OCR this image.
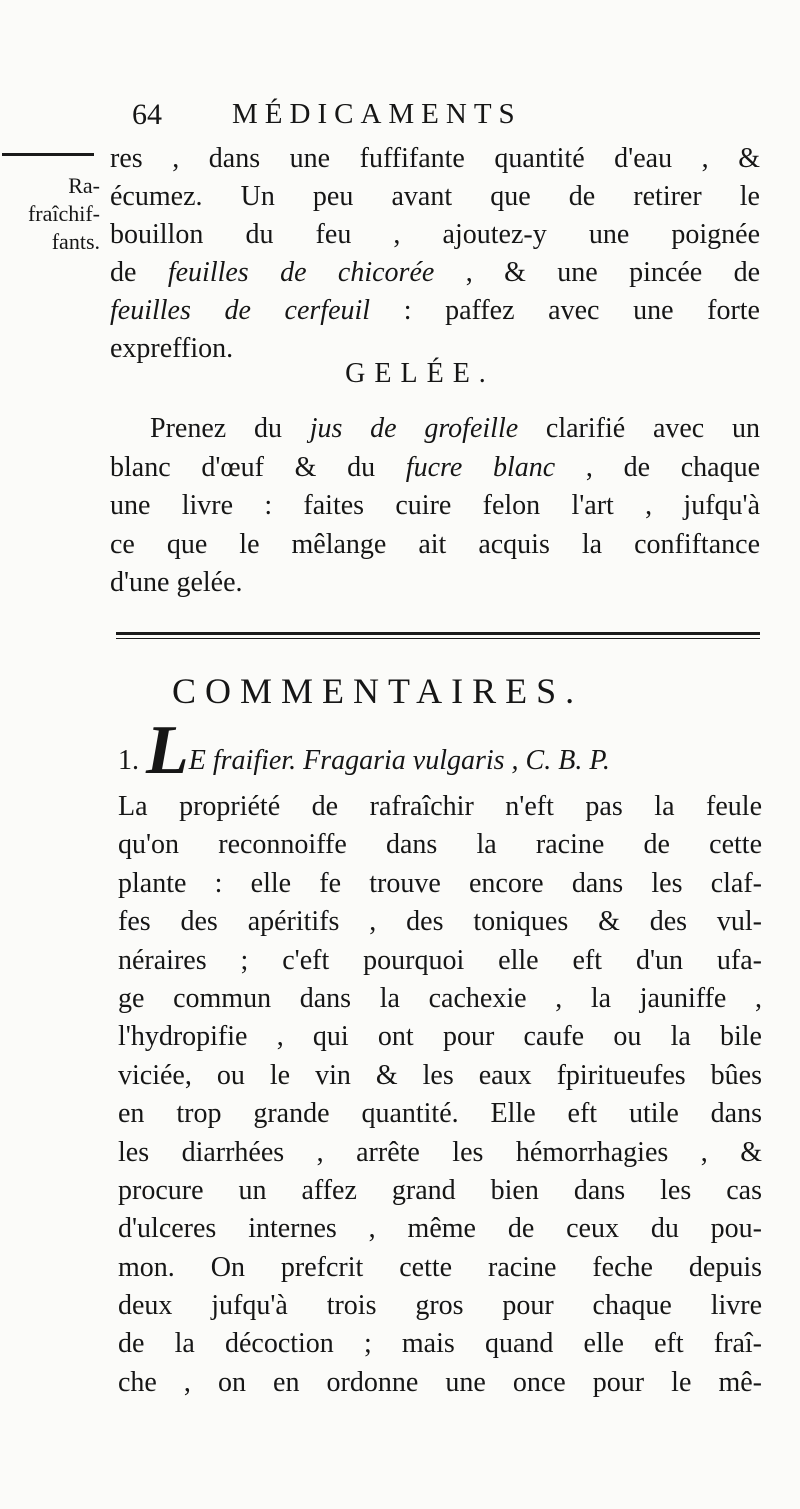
64 MÉDICAMENTS
Ra-
fraîchif-
fants.
res , dans une fuffifante quantité d'eau , &
écumez. Un peu avant que de retirer le
bouillon du feu , ajoutez-y une poignée
de feuilles de chicorée , & une pincée de
feuilles de cerfeuil : paffez avec une forte
expreffion.
GELÉE.
Prenez du jus de grofeille clarifié avec un
blanc d'œuf & du fucre blanc , de chaque
une livre : faites cuire felon l'art , jufqu'à
ce que le mêlange ait acquis la confiftance
d'une gelée.
COMMENTAIRES.
1. LE fraifier. Fragaria vulgaris , C. B. P.
La propriété de rafraîchir n'eft pas la feule
qu'on reconnoiffe dans la racine de cette
plante : elle fe trouve encore dans les claf-
fes des apéritifs , des toniques & des vul-
néraires ; c'eft pourquoi elle eft d'un ufa-
ge commun dans la cachexie , la jauniffe ,
l'hydropifie , qui ont pour caufe ou la bile
viciée, ou le vin & les eaux fpiritueufes bûes
en trop grande quantité. Elle eft utile dans
les diarrhées , arrête les hémorrhagies , &
procure un affez grand bien dans les cas
d'ulceres internes , même de ceux du pou-
mon. On prefcrit cette racine feche depuis
deux jufqu'à trois gros pour chaque livre
de la décoction ; mais quand elle eft fraî-
che , on en ordonne une once pour le mê-
